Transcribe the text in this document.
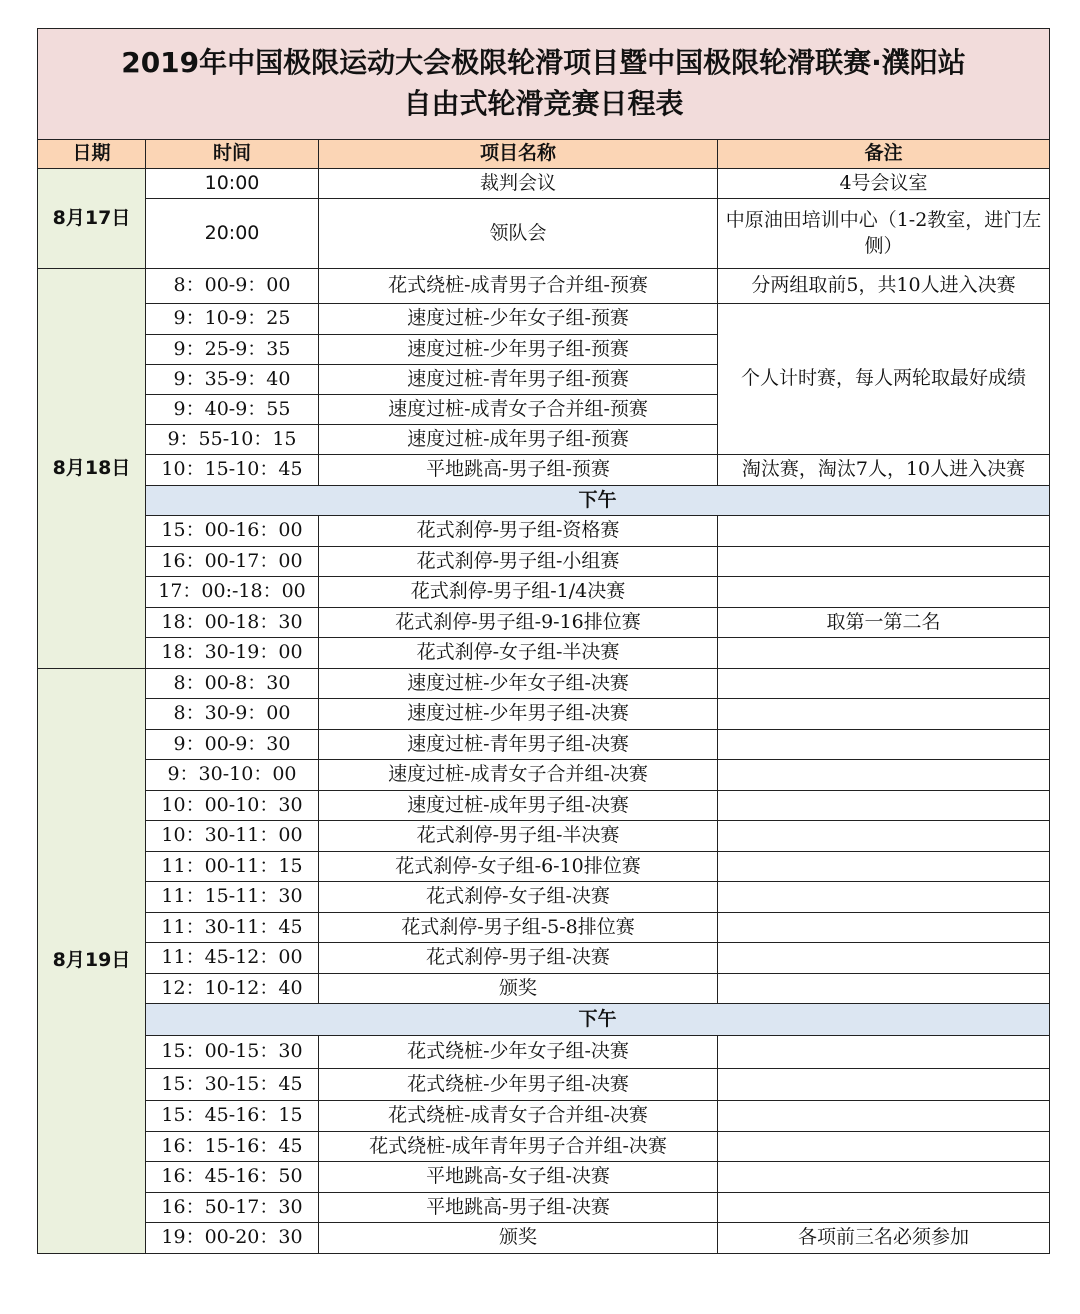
2019年中国极限运动大会极限轮滑项目暨中国极限轮滑联赛·濮阳站
自由式轮滑竞赛日程表			

日期	时间	项目名称	备注
8月17日	10:00	裁判会议	4号会议室
	20:00	领队会	中原油田培训中心（1-2教室，进门左侧）
8月18日	8：00-9：00	花式绕桩-成青男子合并组-预赛	分两组取前5，共10人进入决赛
	9：10-9：25	速度过桩-少年女子组-预赛	个人计时赛，每人两轮取最好成绩
	9：25-9：35	速度过桩-少年男子组-预赛	
	9：35-9：40	速度过桩-青年男子组-预赛	
	9：40-9：55	速度过桩-成青女子合并组-预赛	
	9：55-10：15	速度过桩-成年男子组-预赛	
	10：15-10：45	平地跳高-男子组-预赛	淘汰赛，淘汰7人，10人进入决赛
	下午		
	15：00-16：00	花式刹停-男子组-资格赛	
	16：00-17：00	花式刹停-男子组-小组赛	
	17：00:-18：00	花式刹停-男子组-1/4决赛	
	18：00-18：30	花式刹停-男子组-9-16排位赛	取第一第二名
	18：30-19：00	花式刹停-女子组-半决赛	
8月19日	8：00-8：30	速度过桩-少年女子组-决赛	
	8：30-9：00	速度过桩-少年男子组-决赛	
	9：00-9：30	速度过桩-青年男子组-决赛	
	9：30-10：00	速度过桩-成青女子合并组-决赛	
	10：00-10：30	速度过桩-成年男子组-决赛	
	10：30-11：00	花式刹停-男子组-半决赛	
	11：00-11：15	花式刹停-女子组-6-10排位赛	
	11：15-11：30	花式刹停-女子组-决赛	
	11：30-11：45	花式刹停-男子组-5-8排位赛	
	11：45-12：00	花式刹停-男子组-决赛	
	12：10-12：40	颁奖	
	下午		
	15：00-15：30	花式绕桩-少年女子组-决赛	
	15：30-15：45	花式绕桩-少年男子组-决赛	
	15：45-16：15	花式绕桩-成青女子合并组-决赛	
	16：15-16：45	花式绕桩-成年青年男子合并组-决赛	
	16：45-16：50	平地跳高-女子组-决赛	
	16：50-17：30	平地跳高-男子组-决赛	
	19：00-20：30	颁奖	各项前三名必须参加
